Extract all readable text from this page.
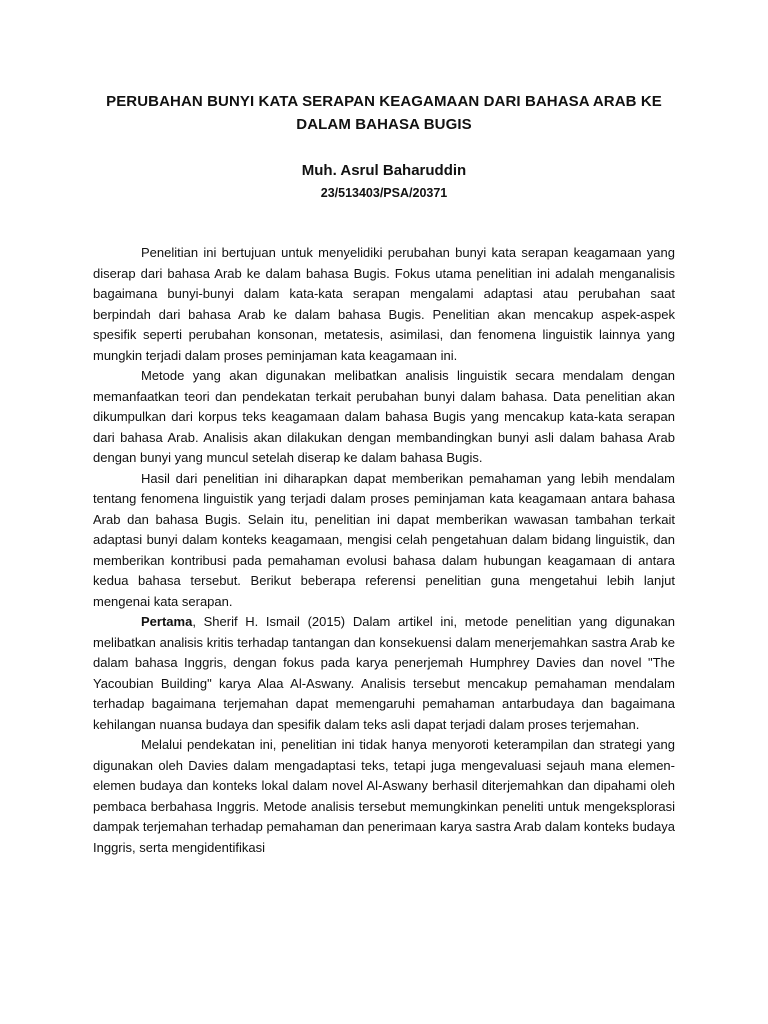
PERUBAHAN BUNYI KATA SERAPAN KEAGAMAAN DARI BAHASA ARAB KE DALAM BAHASA BUGIS
Muh. Asrul Baharuddin
23/513403/PSA/20371

Penelitian ini bertujuan untuk menyelidiki perubahan bunyi kata serapan keagamaan yang diserap dari bahasa Arab ke dalam bahasa Bugis. Fokus utama penelitian ini adalah menganalisis bagaimana bunyi-bunyi dalam kata-kata serapan mengalami adaptasi atau perubahan saat berpindah dari bahasa Arab ke dalam bahasa Bugis. Penelitian akan mencakup aspek-aspek spesifik seperti perubahan konsonan, metatesis, asimilasi, dan fenomena linguistik lainnya yang mungkin terjadi dalam proses peminjaman kata keagamaan ini.

Metode yang akan digunakan melibatkan analisis linguistik secara mendalam dengan memanfaatkan teori dan pendekatan terkait perubahan bunyi dalam bahasa. Data penelitian akan dikumpulkan dari korpus teks keagamaan dalam bahasa Bugis yang mencakup kata-kata serapan dari bahasa Arab. Analisis akan dilakukan dengan membandingkan bunyi asli dalam bahasa Arab dengan bunyi yang muncul setelah diserap ke dalam bahasa Bugis.

Hasil dari penelitian ini diharapkan dapat memberikan pemahaman yang lebih mendalam tentang fenomena linguistik yang terjadi dalam proses peminjaman kata keagamaan antara bahasa Arab dan bahasa Bugis. Selain itu, penelitian ini dapat memberikan wawasan tambahan terkait adaptasi bunyi dalam konteks keagamaan, mengisi celah pengetahuan dalam bidang linguistik, dan memberikan kontribusi pada pemahaman evolusi bahasa dalam hubungan keagamaan di antara kedua bahasa tersebut. Berikut beberapa referensi penelitian guna mengetahui lebih lanjut mengenai kata serapan.

Pertama, Sherif H. Ismail (2015) Dalam artikel ini, metode penelitian yang digunakan melibatkan analisis kritis terhadap tantangan dan konsekuensi dalam menerjemahkan sastra Arab ke dalam bahasa Inggris, dengan fokus pada karya penerjemah Humphrey Davies dan novel "The Yacoubian Building" karya Alaa Al-Aswany. Analisis tersebut mencakup pemahaman mendalam terhadap bagaimana terjemahan dapat memengaruhi pemahaman antarbudaya dan bagaimana kehilangan nuansa budaya dan spesifik dalam teks asli dapat terjadi dalam proses terjemahan.

Melalui pendekatan ini, penelitian ini tidak hanya menyoroti keterampilan dan strategi yang digunakan oleh Davies dalam mengadaptasi teks, tetapi juga mengevaluasi sejauh mana elemen-elemen budaya dan konteks lokal dalam novel Al-Aswany berhasil diterjemahkan dan dipahami oleh pembaca berbahasa Inggris. Metode analisis tersebut memungkinkan peneliti untuk mengeksplorasi dampak terjemahan terhadap pemahaman dan penerimaan karya sastra Arab dalam konteks budaya Inggris, serta mengidentifikasi
